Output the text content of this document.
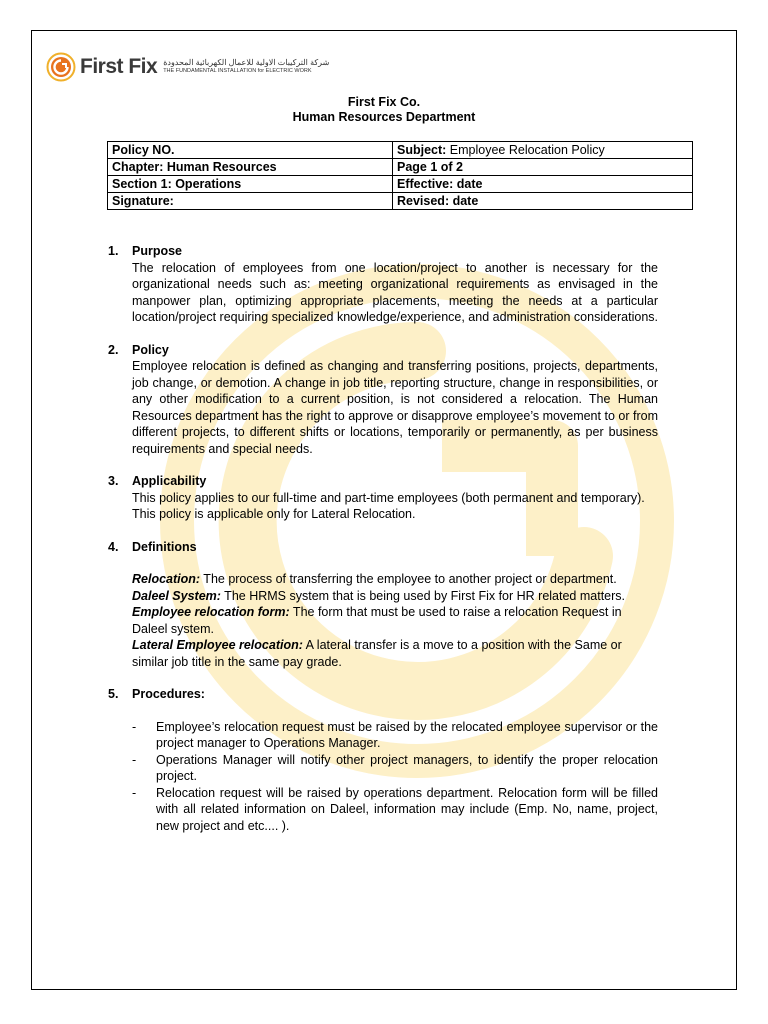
First Fix شركة التركيبات الاولية للاعمال الكهربائية المحدودة
THE FUNDAMENTAL INSTALLATION for ELECTRIC WORK
First Fix Co.
Human Resources Department
Policy NO.	Subject: Employee Relocation Policy
Chapter: Human Resources	Page 1 of 2
Section 1: Operations	Effective: date
Signature:	Revised: date
1. Purpose
The relocation of employees from one location/project to another is necessary for the organizational needs such as: meeting organizational requirements as envisaged in the manpower plan, optimizing appropriate placements, meeting the needs at a particular location/project requiring specialized knowledge/experience, and administration considerations.
2. Policy
Employee relocation is defined as changing and transferring positions, projects, departments, job change, or demotion. A change in job title, reporting structure, change in responsibilities, or any other modification to a current position, is not considered a relocation. The Human Resources department has the right to approve or disapprove employee’s movement to or from different projects, to different shifts or locations, temporarily or permanently, as per business requirements and special needs.
3. Applicability
This policy applies to our full-time and part-time employees (both permanent and temporary).
This policy is applicable only for Lateral Relocation.
4. Definitions
Relocation: The process of transferring the employee to another project or department.
Daleel System: The HRMS system that is being used by First Fix for HR related matters.
Employee relocation form: The form that must be used to raise a relocation Request in Daleel system.
Lateral Employee relocation: A lateral transfer is a move to a position with the Same or similar job title in the same pay grade.
5. Procedures:
- Employee’s relocation request must be raised by the relocated employee supervisor or the project manager to Operations Manager.
- Operations Manager will notify other project managers, to identify the proper relocation project.
- Relocation request will be raised by operations department. Relocation form will be filled with all related information on Daleel, information may include (Emp. No, name, project, new project and etc.... ).
